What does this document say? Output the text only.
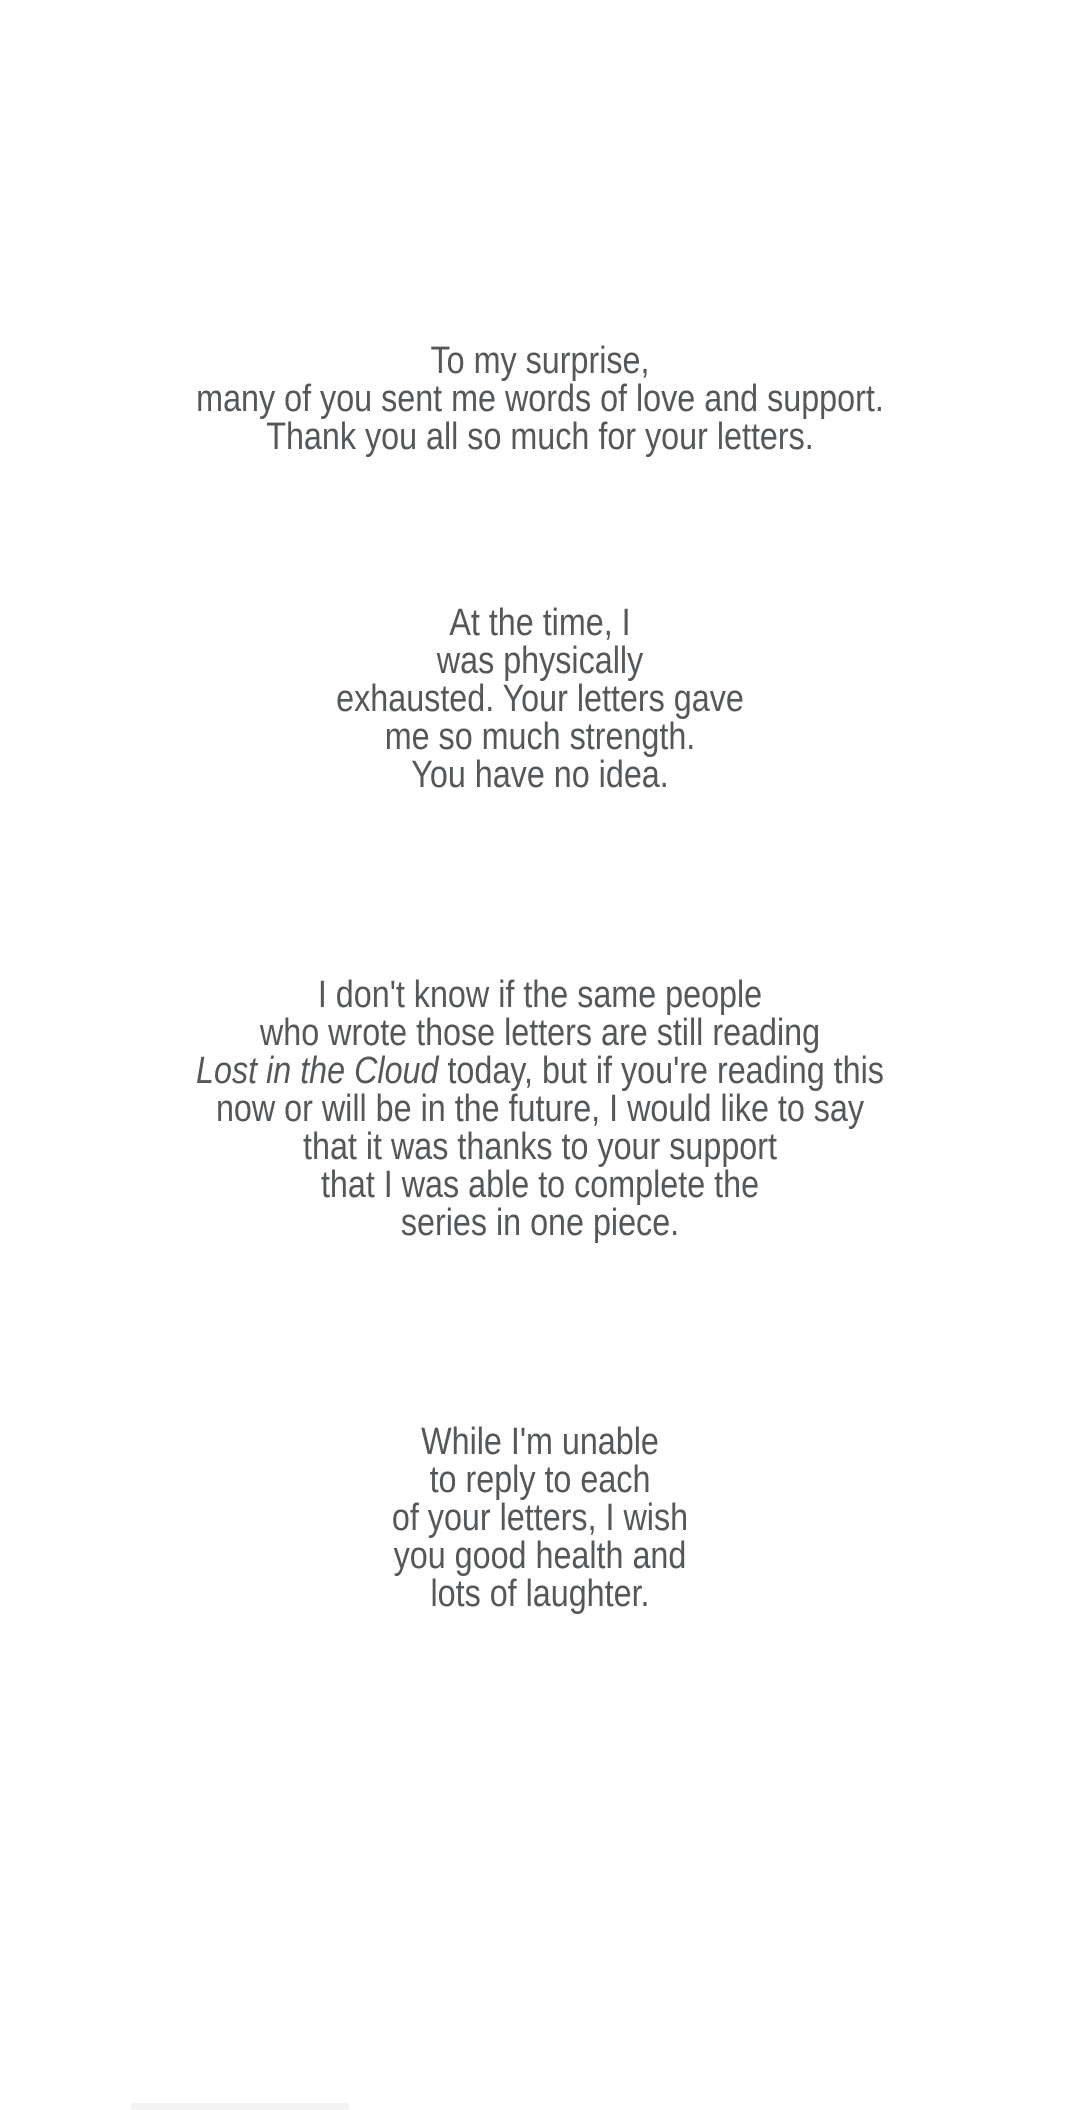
To my surprise,
many of you sent me words of love and support.
Thank you all so much for your letters.
At the time, I
was physically
exhausted. Your letters gave
me so much strength.
You have no idea.
I don't know if the same people
who wrote those letters are still reading
Lost in the Cloud today, but if you're reading this
now or will be in the future, I would like to say
that it was thanks to your support
that I was able to complete the
series in one piece.
While I'm unable
to reply to each
of your letters, I wish
you good health and
lots of laughter.
